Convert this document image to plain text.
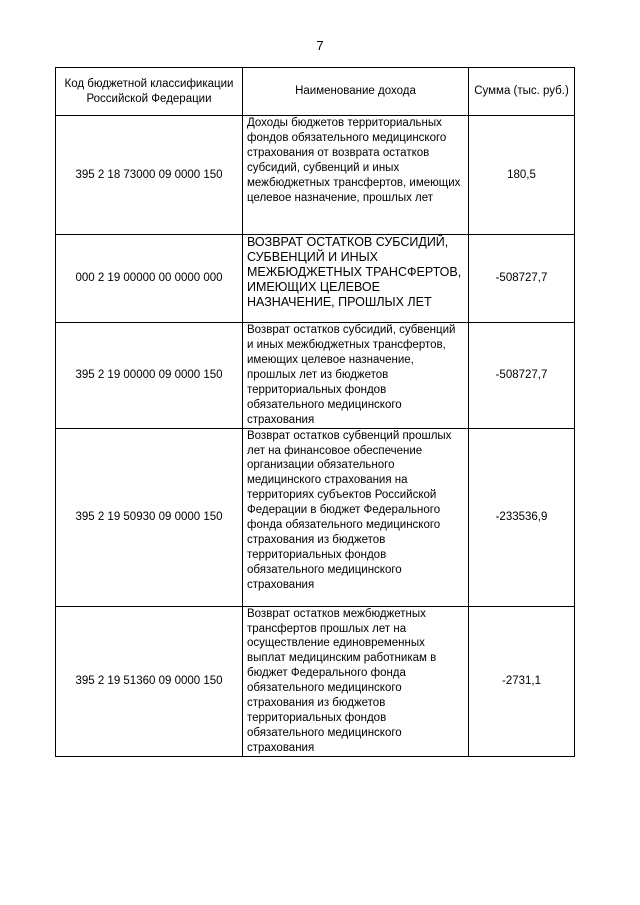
7
Код бюджетной классификации Российской Федерации	Наименование дохода	Сумма (тыс. руб.)
395 2 18 73000 09 0000 150	Доходы бюджетов территориальных фондов обязательного медицинского страхования от возврата остатков субсидий, субвенций и иных межбюджетных трансфертов, имеющих целевое назначение, прошлых лет	180,5
000 2 19 00000 00 0000 000	ВОЗВРАТ ОСТАТКОВ СУБСИДИЙ, СУБВЕНЦИЙ И ИНЫХ МЕЖБЮДЖЕТНЫХ ТРАНСФЕРТОВ, ИМЕЮЩИХ ЦЕЛЕВОЕ НАЗНАЧЕНИЕ, ПРОШЛЫХ ЛЕТ	-508727,7
395 2 19 00000 09 0000 150	Возврат остатков субсидий, субвенций и иных межбюджетных трансфертов, имеющих целевое назначение, прошлых лет из бюджетов территориальных фондов обязательного медицинского страхования	-508727,7
395 2 19 50930 09 0000 150	Возврат остатков субвенций прошлых лет на финансовое обеспечение организации обязательного медицинского страхования на территориях субъектов Российской Федерации в бюджет Федерального фонда обязательного медицинского страхования из бюджетов территориальных фондов обязательного медицинского страхования	-233536,9
395 2 19 51360 09 0000 150	Возврат остатков межбюджетных трансфертов прошлых лет на осуществление единовременных выплат медицинским работникам в бюджет Федерального фонда обязательного медицинского страхования из бюджетов территориальных фондов обязательного медицинского страхования	-2731,1
